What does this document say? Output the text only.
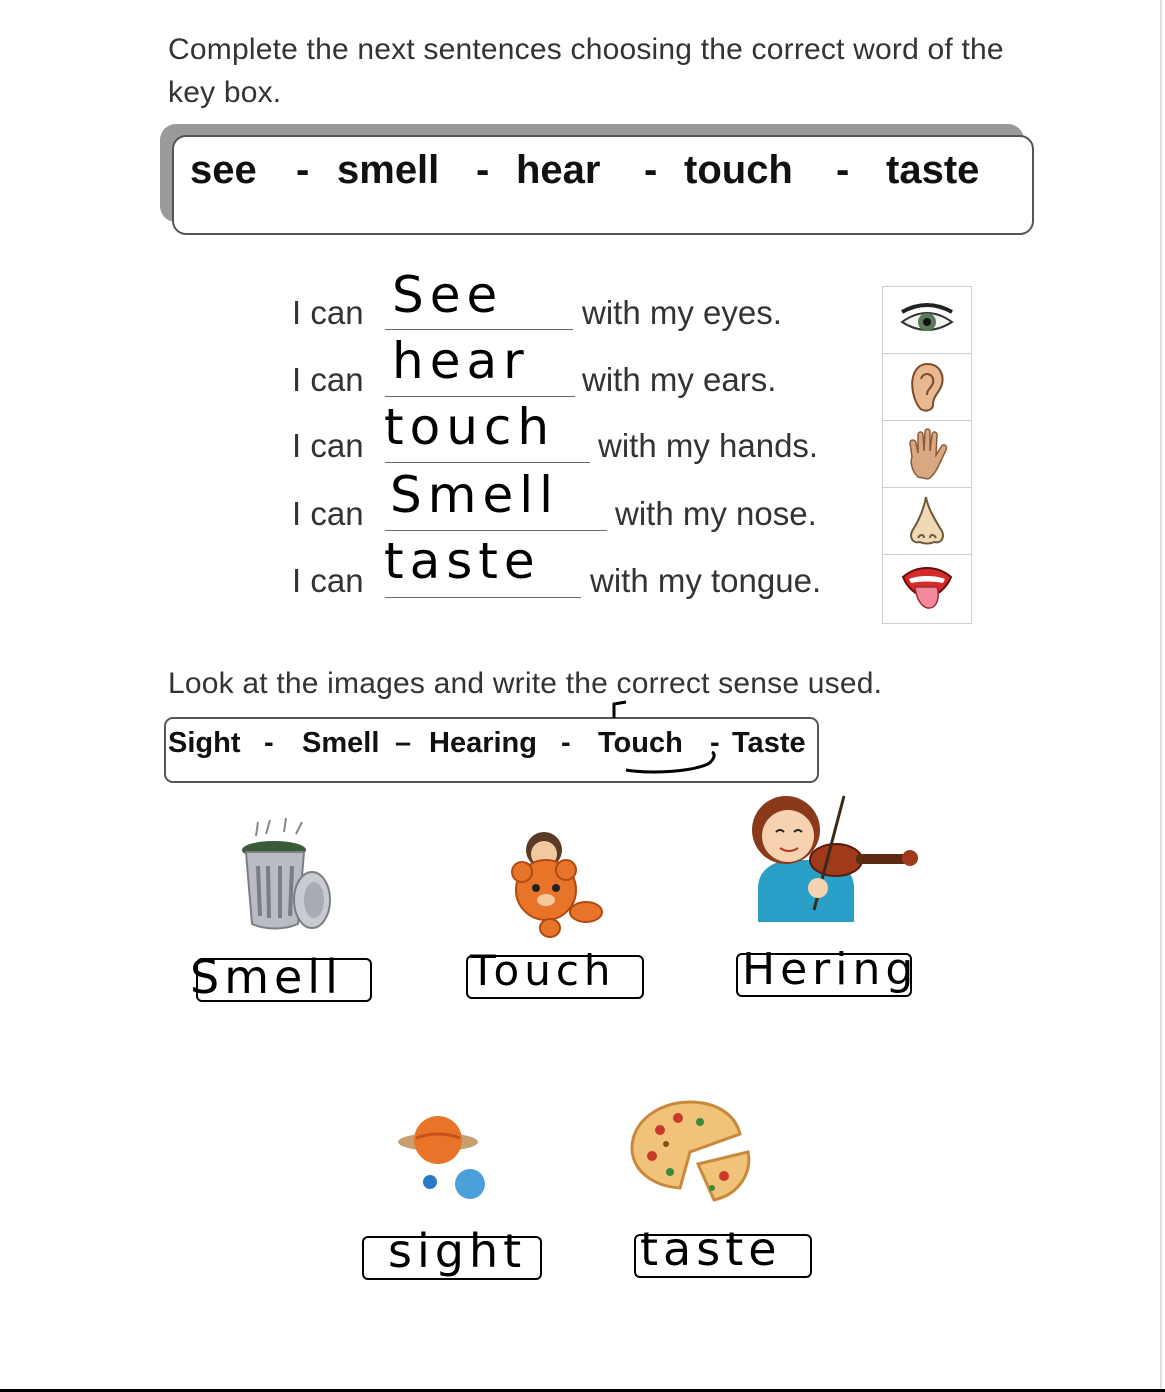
Complete the next sentences choosing the correct word of the key box.
see - smell - hear - touch - taste
I can See with my eyes.
I can hear with my ears.
I can touch with my hands.
I can Smell with my nose.
I can taste with my tongue.
Look at the images and write the correct sense used.
Sight - Smell – Hearing - Touch - Taste
Smell	Touch	Hering
sight taste
